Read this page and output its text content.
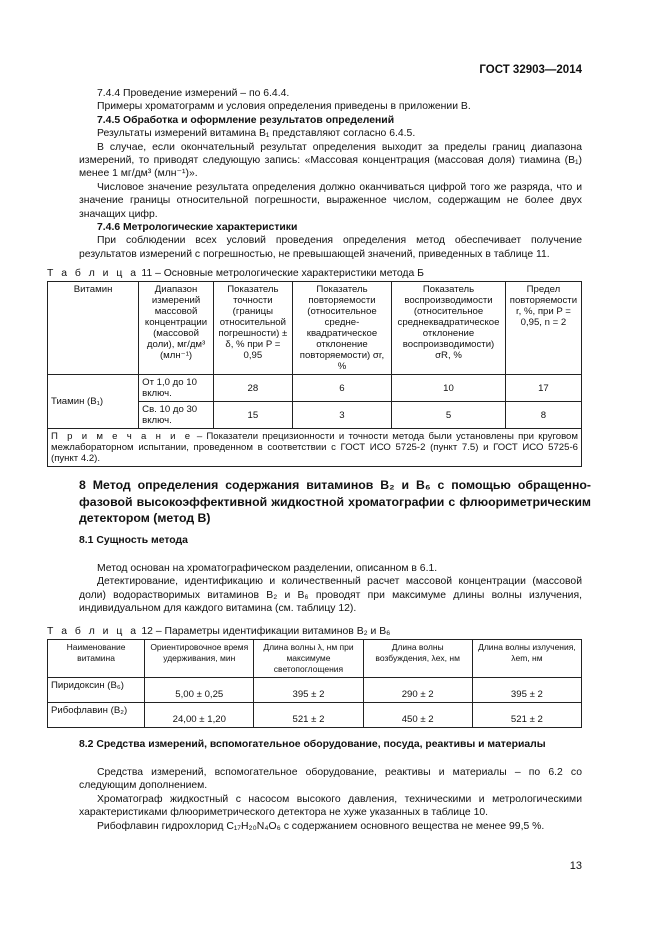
ГОСТ 32903—2014

7.4.4 Проведение измерений – по 6.4.4.

Примеры хроматограмм и условия определения приведены в приложении В.

7.4.5 Обработка и оформление результатов определений

Результаты измерений витамина В₁ представляют согласно 6.4.5.

В случае, если окончательный результат определения выходит за пределы границ диапазона измерений, то приводят следующую запись: «Массовая концентрация (массовая доля) тиамина (В₁) менее 1 мг/дм³ (млн⁻¹)».

Числовое значение результата определения должно оканчиваться цифрой того же разряда, что и значение границы относительной погрешности, выраженное числом, содержащим не более двух значащих цифр.

7.4.6 Метрологические характеристики

При соблюдении всех условий проведения определения метод обеспечивает получение результатов измерений с погрешностью, не превышающей значений, приведенных в таблице 11.

Т а б л и ц а 11 – Основные метрологические характеристики метода Б
Витамин	Диапазон измерений массовой концентрации (массовой доли), мг/дм³ (млн⁻¹)	Показатель точности (границы относительной погрешности) ± δ, % при P = 0,95	Показатель повторяемости (относительное средне-квадратическое отклонение повторяемости) σr, %	Показатель воспроизводимости (относительное среднеквадратическое отклонение воспроизводимости) σR, %	Предел повторяемости r, %, при P = 0,95, n = 2
Тиамин (В₁)	От 1,0 до 10 включ.	28	6	10	17
	Св. 10 до 30 включ.	15	3	5	8
П р и м е ч а н и е – Показатели прецизионности и точности метода были установлены при круговом межлабораторном испытании, проведенном в соответствии с ГОСТ ИСО 5725-2 (пункт 7.5) и ГОСТ ИСО 5725-6 (пункт 4.2).					

8 Метод определения содержания витаминов В₂ и В₆ с помощью обращенно-фазовой высокоэффективной жидкостной хроматографии с флюориметрическим детектором (метод В)

8.1 Сущность метода

Метод основан на хроматографическом разделении, описанном в 6.1.

Детектирование, идентификацию и количественный расчет массовой концентрации (массовой доли) водорастворимых витаминов В₂ и В₆ проводят при максимуме длины волны излучения, индивидуальном для каждого витамина (см. таблицу 12).

Т а б л и ц а 12 – Параметры идентификации витаминов В₂ и В₆
Наименование витамина	Ориентировочное время удерживания, мин	Длина волны λ, нм при максимуме светопоглощения	Длина волны возбуждения, λex, нм	Длина волны излучения, λem, нм
Пиридоксин (В₆)	5,00 ± 0,25	395 ± 2	290 ± 2	395 ± 2
Рибофлавин (В₂)	24,00 ± 1,20	521 ± 2	450 ± 2	521 ± 2
8.2 Средства измерений, вспомогательное оборудование, посуда, реактивы и материалы

Средства измерений, вспомогательное оборудование, реактивы и материалы – по 6.2 со следующим дополнением.

Хроматограф жидкостный с насосом высокого давления, техническими и метрологическими характеристиками флюориметрического детектора не хуже указанных в таблице 10.

Рибофлавин гидрохлорид C₁₇H₂₀N₄O₆ с содержанием основного вещества не менее 99,5 %.

13
